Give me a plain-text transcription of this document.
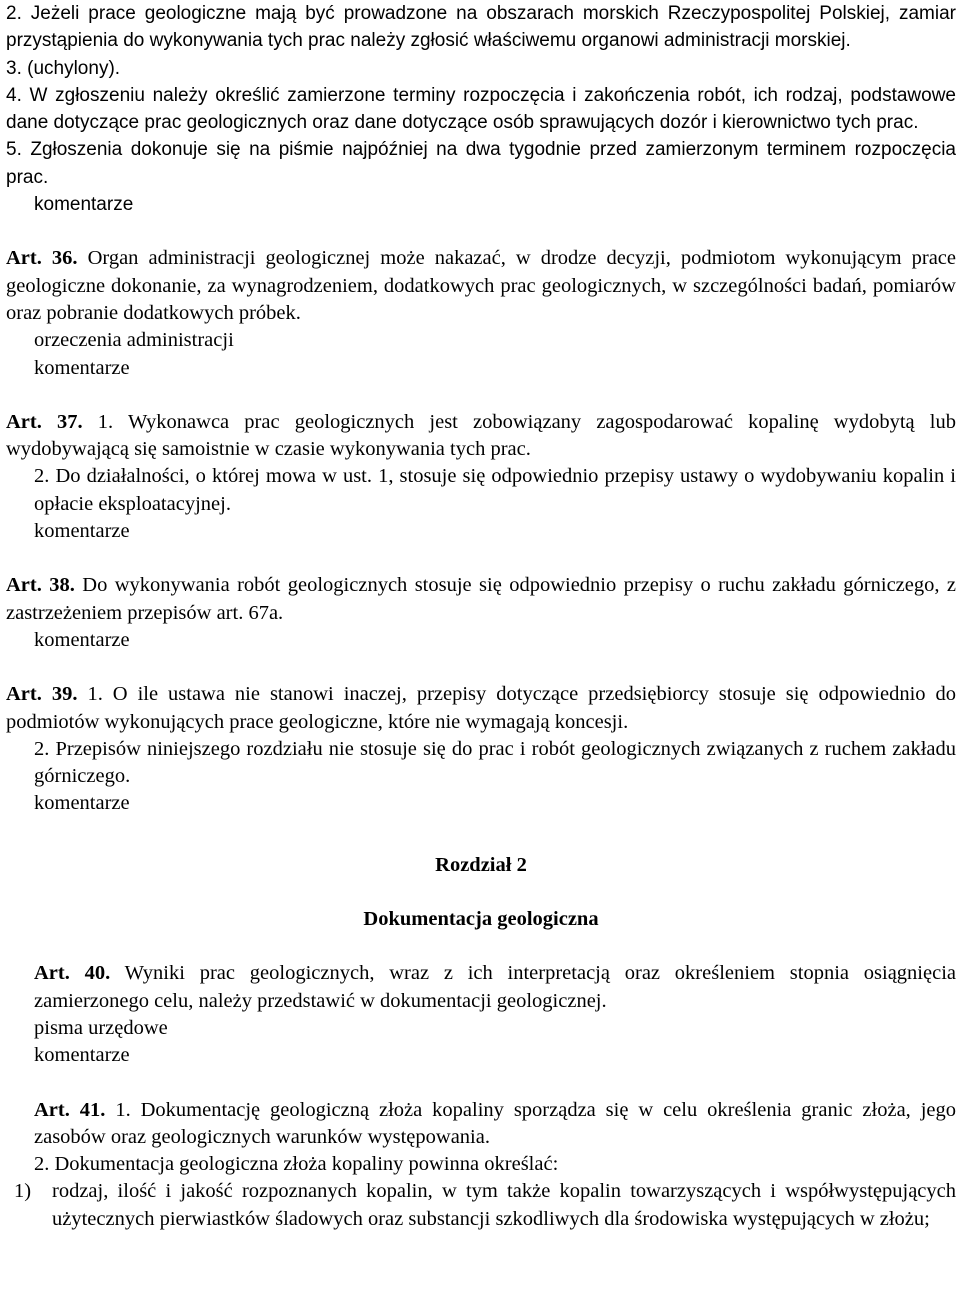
2. Jeżeli prace geologiczne mają być prowadzone na obszarach morskich Rzeczypospolitej Polskiej, zamiar przystąpienia do wykonywania tych prac należy zgłosić właściwemu organowi administracji morskiej.

3. (uchylony).

4. W zgłoszeniu należy określić zamierzone terminy rozpoczęcia i zakończenia robót, ich rodzaj, podstawowe dane dotyczące prac geologicznych oraz dane dotyczące osób sprawujących dozór i kierownictwo tych prac.

5. Zgłoszenia dokonuje się na piśmie najpóźniej na dwa tygodnie przed zamierzonym terminem rozpoczęcia prac.

komentarze

Art. 36. Organ administracji geologicznej może nakazać, w drodze decyzji, podmiotom wykonującym prace geologiczne dokonanie, za wynagrodzeniem, dodatkowych prac geologicznych, w szczególności badań, pomiarów oraz pobranie dodatkowych próbek.

orzeczenia administracji

komentarze

Art. 37. 1. Wykonawca prac geologicznych jest zobowiązany zagospodarować kopalinę wydobytą lub wydobywającą się samoistnie w czasie wykonywania tych prac.

2. Do działalności, o której mowa w ust. 1, stosuje się odpowiednio przepisy ustawy o wydobywaniu kopalin i opłacie eksploatacyjnej.

komentarze

Art. 38. Do wykonywania robót geologicznych stosuje się odpowiednio przepisy o ruchu zakładu górniczego, z zastrzeżeniem przepisów art. 67a.

komentarze

Art. 39. 1. O ile ustawa nie stanowi inaczej, przepisy dotyczące przedsiębiorcy stosuje się odpowiednio do podmiotów wykonujących prace geologiczne, które nie wymagają koncesji.

2. Przepisów niniejszego rozdziału nie stosuje się do prac i robót geologicznych związanych z ruchem zakładu górniczego.

komentarze

Rozdział 2

Dokumentacja geologiczna

Art. 40. Wyniki prac geologicznych, wraz z ich interpretacją oraz określeniem stopnia osiągnięcia zamierzonego celu, należy przedstawić w dokumentacji geologicznej.

pisma urzędowe

komentarze

Art. 41. 1. Dokumentację geologiczną złoża kopaliny sporządza się w celu określenia granic złoża, jego zasobów oraz geologicznych warunków występowania.

2. Dokumentacja geologiczna złoża kopaliny powinna określać:

1)	rodzaj, ilość i jakość rozpoznanych kopalin, w tym także kopalin towarzyszących i współwystępujących użytecznych pierwiastków śladowych oraz substancji szkodliwych dla środowiska występujących w złożu;
